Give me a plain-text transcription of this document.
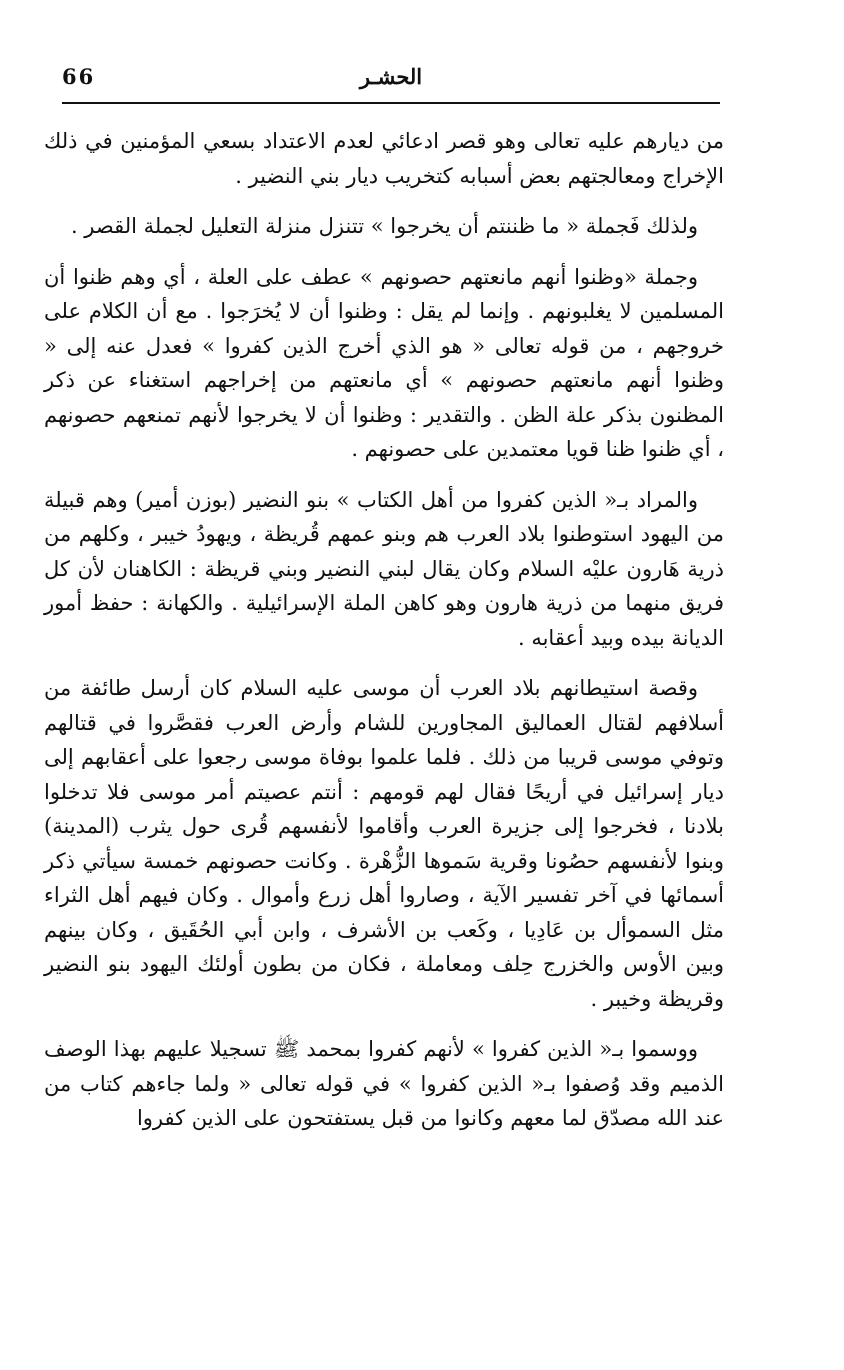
66	الحشـر

من ديارهم عليه تعالى وهو قصر ادعائي لعدم الاعتداد بسعي المؤمنين في ذلك الإخراج ومعالجتهم بعض أسبابه كتخريب ديار بني النضير .

ولذلك فَجملة « ما ظننتم أن يخرجوا » تتنزل منزلة التعليل لجملة القصر .

وجملة «وظنوا أنهم مانعتهم حصونهم » عطف على العلة ، أي وهم ظنوا أن المسلمين لا يغلبونهم . وإنما لم يقل : وظنوا أن لا يُخرَجوا . مع أن الكلام على خروجهم ، من قوله تعالى « هو الذي أخرج الذين كفروا » فعدل عنه إلى « وظنوا أنهم مانعتهم حصونهم » أي مانعتهم من إخراجهم استغناء عن ذكر المظنون بذكر علة الظن . والتقدير : وظنوا أن لا يخرجوا لأنهم تمنعهم حصونهم ، أي ظنوا ظنا قويا معتمدين على حصونهم .

والمراد بـ« الذين كفروا من أهل الكتاب » بنو النضير (بوزن أمير) وهم قبيلة من اليهود استوطنوا بلاد العرب هم وبنو عمهم قُريظة ، ويهودُ خيبر ، وكلهم من ذرية هَارون عليْه السلام وكان يقال لبني النضير وبني قريظة : الكاهنان لأن كل فريق منهما من ذرية هارون وهو كاهن الملة الإسرائيلية . والكهانة : حفظ أمور الديانة بيده وبيد أعقابه .

وقصة استيطانهم بلاد العرب أن موسى عليه السلام كان أرسل طائفة من أسلافهم لقتال العماليق المجاورين للشام وأرض العرب فقصَّروا في قتالهم وتوفي موسى قريبا من ذلك . فلما علموا بوفاة موسى رجعوا على أعقابهم إلى ديار إسرائيل في أريحًا فقال لهم قومهم : أنتم عصيتم أمر موسى فلا تدخلوا بلادنا ، فخرجوا إلى جزيرة العرب وأقاموا لأنفسهم قُرى حول يثرب (المدينة) وبنوا لأنفسهم حصُونا وقرية سَموها الزُّهْرة . وكانت حصونهم خمسة سيأتي ذكر أسمائها في آخر تفسير الآية ، وصاروا أهل زرع وأموال . وكان فيهم أهل الثراء مثل السموأل بن عَادِيا ، وكَعب بن الأشرف ، وابن أبي الحُقَيق ، وكان بينهم وبين الأوس والخزرج حِلف ومعاملة ، فكان من بطون أولئك اليهود بنو النضير وقريظة وخيبر .

ووسموا بـ« الذين كفروا » لأنهم كفروا بمحمد ﷺ تسجيلا عليهم بهذا الوصف الذميم وقد وُصفوا بـ« الذين كفروا » في قوله تعالى « ولما جاءهم كتاب من عند الله مصدّق لما معهم وكانوا من قبل يستفتحون على الذين كفروا
